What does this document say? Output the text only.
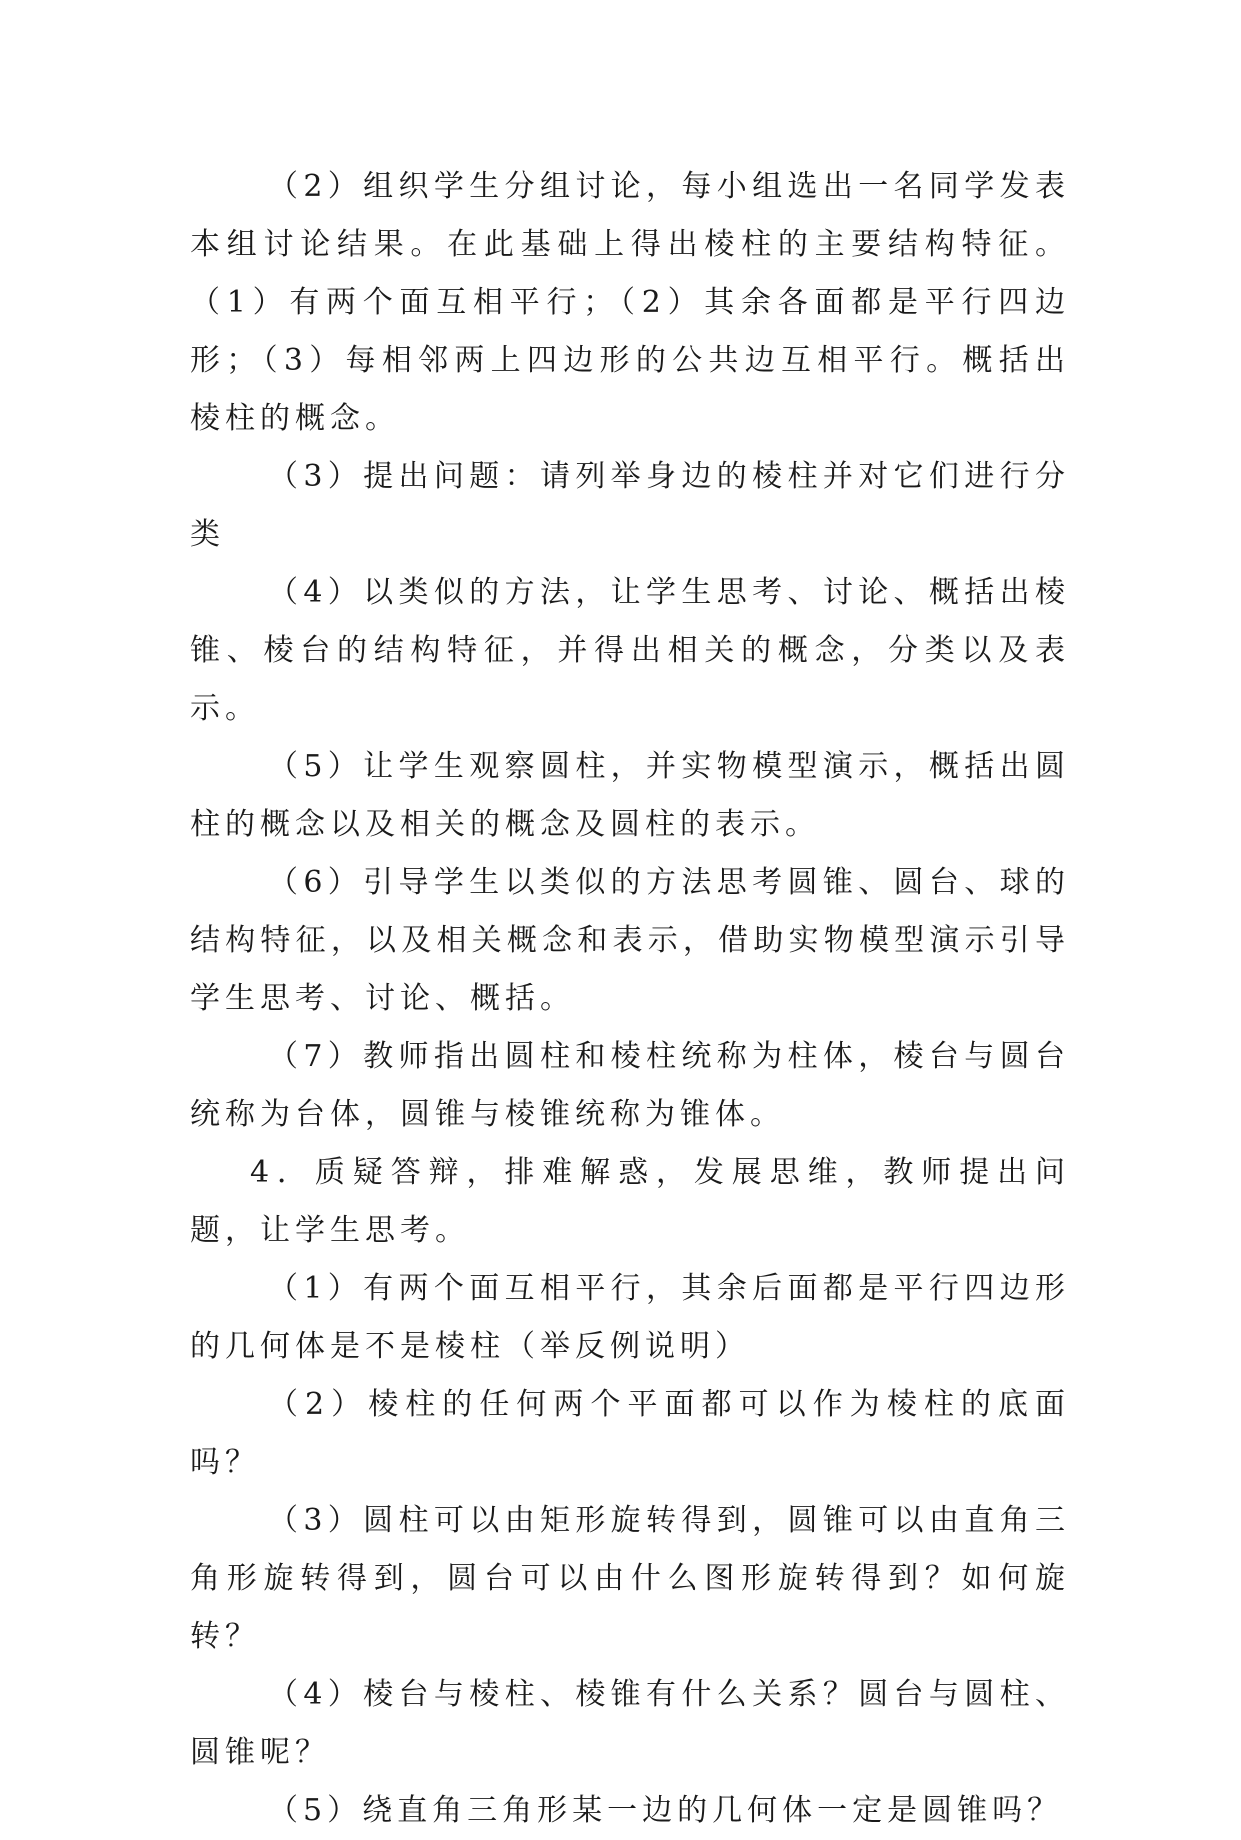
（2）组织学生分组讨论，每小组选出一名同学发表本组讨论结果。在此基础上得出棱柱的主要结构特征。（1）有两个面互相平行；（2）其余各面都是平行四边形；（3）每相邻两上四边形的公共边互相平行。概括出棱柱的概念。

（3）提出问题：请列举身边的棱柱并对它们进行分类

（4）以类似的方法，让学生思考、讨论、概括出棱锥、棱台的结构特征，并得出相关的概念，分类以及表示。

（5）让学生观察圆柱，并实物模型演示，概括出圆柱的概念以及相关的概念及圆柱的表示。

（6）引导学生以类似的方法思考圆锥、圆台、球的结构特征，以及相关概念和表示，借助实物模型演示引导学生思考、讨论、概括。

（7）教师指出圆柱和棱柱统称为柱体，棱台与圆台统称为台体，圆锥与棱锥统称为锥体。

4．质疑答辩，排难解惑，发展思维，教师提出问题，让学生思考。

（1）有两个面互相平行，其余后面都是平行四边形的几何体是不是棱柱（举反例说明）

（2）棱柱的任何两个平面都可以作为棱柱的底面吗？

（3）圆柱可以由矩形旋转得到，圆锥可以由直角三角形旋转得到，圆台可以由什么图形旋转得到？如何旋转？

（4）棱台与棱柱、棱锥有什么关系？圆台与圆柱、圆锥呢？

（5）绕直角三角形某一边的几何体一定是圆锥吗？
